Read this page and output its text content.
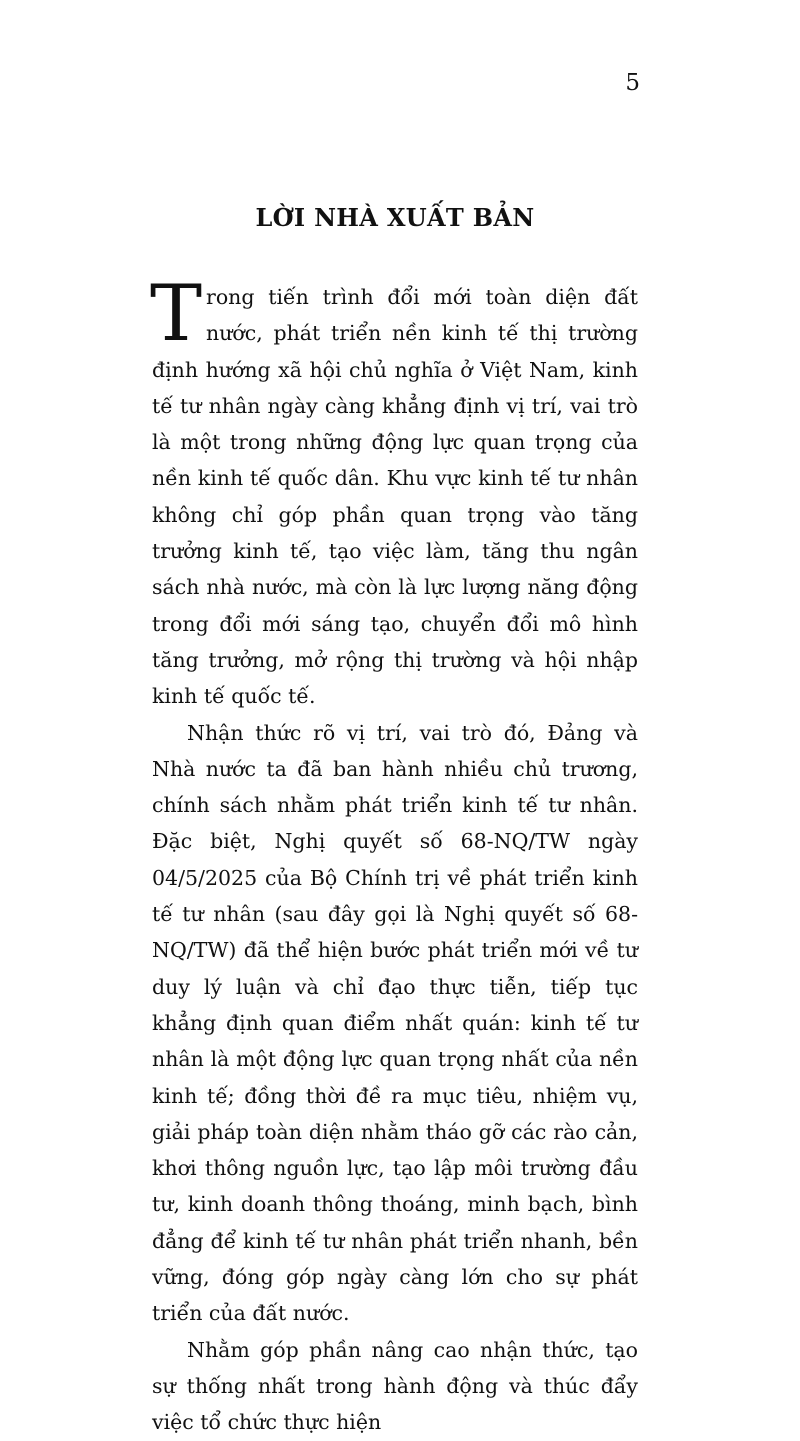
5
LỜI NHÀ XUẤT BẢN

Trong tiến trình đổi mới toàn diện đất nước, phát triển nền kinh tế thị trường định hướng xã hội chủ nghĩa ở Việt Nam, kinh tế tư nhân ngày càng khẳng định vị trí, vai trò là một trong những động lực quan trọng của nền kinh tế quốc dân. Khu vực kinh tế tư nhân không chỉ góp phần quan trọng vào tăng trưởng kinh tế, tạo việc làm, tăng thu ngân sách nhà nước, mà còn là lực lượng năng động trong đổi mới sáng tạo, chuyển đổi mô hình tăng trưởng, mở rộng thị trường và hội nhập kinh tế quốc tế.

Nhận thức rõ vị trí, vai trò đó, Đảng và Nhà nước ta đã ban hành nhiều chủ trương, chính sách nhằm phát triển kinh tế tư nhân. Đặc biệt, Nghị quyết số 68-NQ/TW ngày 04/5/2025 của Bộ Chính trị về phát triển kinh tế tư nhân (sau đây gọi là Nghị quyết số 68-NQ/TW) đã thể hiện bước phát triển mới về tư duy lý luận và chỉ đạo thực tiễn, tiếp tục khẳng định quan điểm nhất quán: kinh tế tư nhân là một động lực quan trọng nhất của nền kinh tế; đồng thời đề ra mục tiêu, nhiệm vụ, giải pháp toàn diện nhằm tháo gỡ các rào cản, khơi thông nguồn lực, tạo lập môi trường đầu tư, kinh doanh thông thoáng, minh bạch, bình đẳng để kinh tế tư nhân phát triển nhanh, bền vững, đóng góp ngày càng lớn cho sự phát triển của đất nước.

Nhằm góp phần nâng cao nhận thức, tạo sự thống nhất trong hành động và thúc đẩy việc tổ chức thực hiện
